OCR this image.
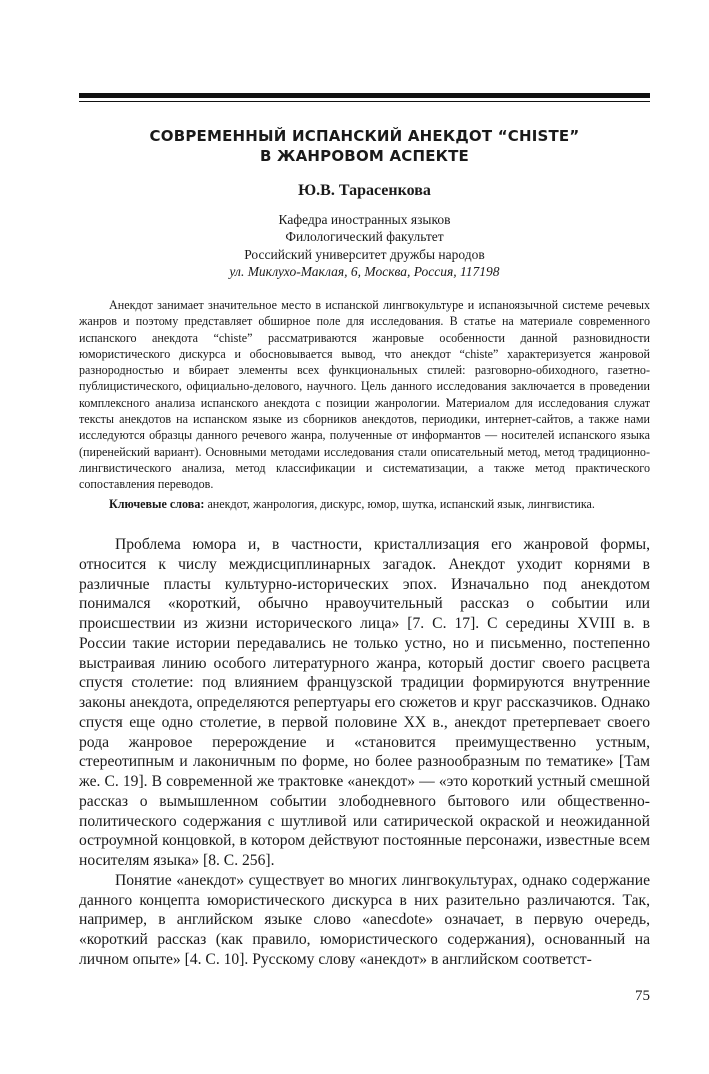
СОВРЕМЕННЫЙ ИСПАНСКИЙ АНЕКДОТ “CHISTE”
В ЖАНРОВОМ АСПЕКТЕ
Ю.В. Тарасенкова
Кафедра иностранных языков
Филологический факультет
Российский университет дружбы народов
ул. Миклухо-Маклая, 6, Москва, Россия, 117198
Анекдот занимает значительное место в испанской лингвокультуре и испаноязычной системе речевых жанров и поэтому представляет обширное поле для исследования. В статье на материале современного испанского анекдота “chiste” рассматриваются жанровые особенности данной разновидности юмористического дискурса и обосновывается вывод, что анекдот “chiste” характеризуется жанровой разнородностью и вбирает элементы всех функциональных стилей: разговорно-обиходного, газетно-публицистического, официально-делового, научного. Цель данного исследования заключается в проведении комплексного анализа испанского анекдота с позиции жанрологии. Материалом для исследования служат тексты анекдотов на испанском языке из сборников анекдотов, периодики, интернет-сайтов, а также нами исследуются образцы данного речевого жанра, полученные от информантов — носителей испанского языка (пиренейский вариант). Основными методами исследования стали описательный метод, метод традиционно-лингвистического анализа, метод классификации и систематизации, а также метод практического сопоставления переводов.
Ключевые слова: анекдот, жанрология, дискурс, юмор, шутка, испанский язык, лингвистика.

Проблема юмора и, в частности, кристаллизация его жанровой формы, относится к числу междисциплинарных загадок. Анекдот уходит корнями в различные пласты культурно-исторических эпох. Изначально под анекдотом понимался «короткий, обычно нравоучительный рассказ о событии или происшествии из жизни исторического лица» [7. С. 17]. С середины XVIII в. в России такие истории передавались не только устно, но и письменно, постепенно выстраивая линию особого литературного жанра, который достиг своего расцвета спустя столетие: под влиянием французской традиции формируются внутренние законы анекдота, определяются репертуары его сюжетов и круг рассказчиков. Однако спустя еще одно столетие, в первой половине XX в., анекдот претерпевает своего рода жанровое перерождение и «становится преимущественно устным, стереотипным и лаконичным по форме, но более разнообразным по тематике» [Там же. С. 19]. В современной же трактовке «анекдот» — «это короткий устный смешной рассказ о вымышленном событии злободневного бытового или общественно-политического содержания с шутливой или сатирической окраской и неожиданной остроумной концовкой, в котором действуют постоянные персонажи, известные всем носителям языка» [8. С. 256].

Понятие «анекдот» существует во многих лингвокультурах, однако содержание данного концепта юмористического дискурса в них разительно различаются. Так, например, в английском языке слово «anecdote» означает, в первую очередь, «короткий рассказ (как правило, юмористического содержания), основанный на личном опыте» [4. С. 10]. Русскому слову «анекдот» в английском соответст-

75
